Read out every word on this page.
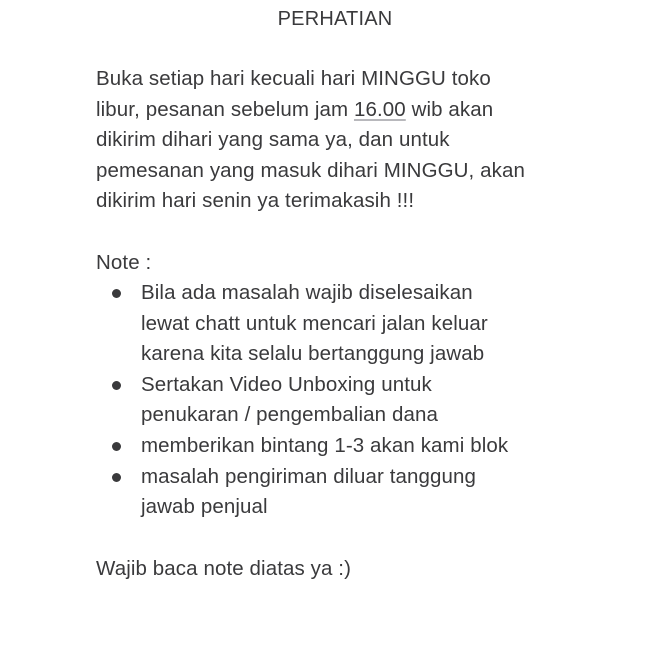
PERHATIAN
Buka setiap hari kecuali hari MINGGU toko
libur, pesanan sebelum jam 16.00 wib akan
dikirim dihari yang sama ya, dan untuk
pemesanan yang masuk dihari MINGGU, akan
dikirim hari senin ya terimakasih !!!
Note :
Bila ada masalah wajib diselesaikan
lewat chatt untuk mencari jalan keluar
karena kita selalu bertanggung jawab
Sertakan Video Unboxing untuk
penukaran / pengembalian dana
memberikan bintang 1-3 akan kami blok
masalah pengiriman diluar tanggung
jawab penjual
Wajib baca note diatas ya :)
